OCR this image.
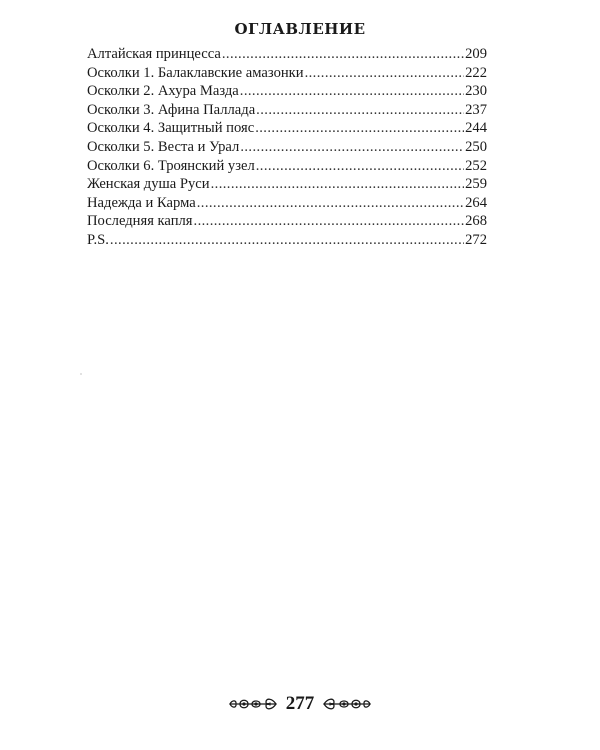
ОГЛАВЛЕНИЕ
Алтайская принцесса .....	209
Осколки 1. Балаклавские амазонки .....	222
Осколки 2. Ахура Мазда .....	230
Осколки 3. Афина Паллада .....	237
Осколки 4. Защитный пояс .....	244
Осколки 5. Веста и Урал .....	250
Осколки 6. Троянский узел .....	252
Женская душа Руси .....	259
Надежда и Карма .....	264
Последняя капля .....	268
P.S. .....	272
277
